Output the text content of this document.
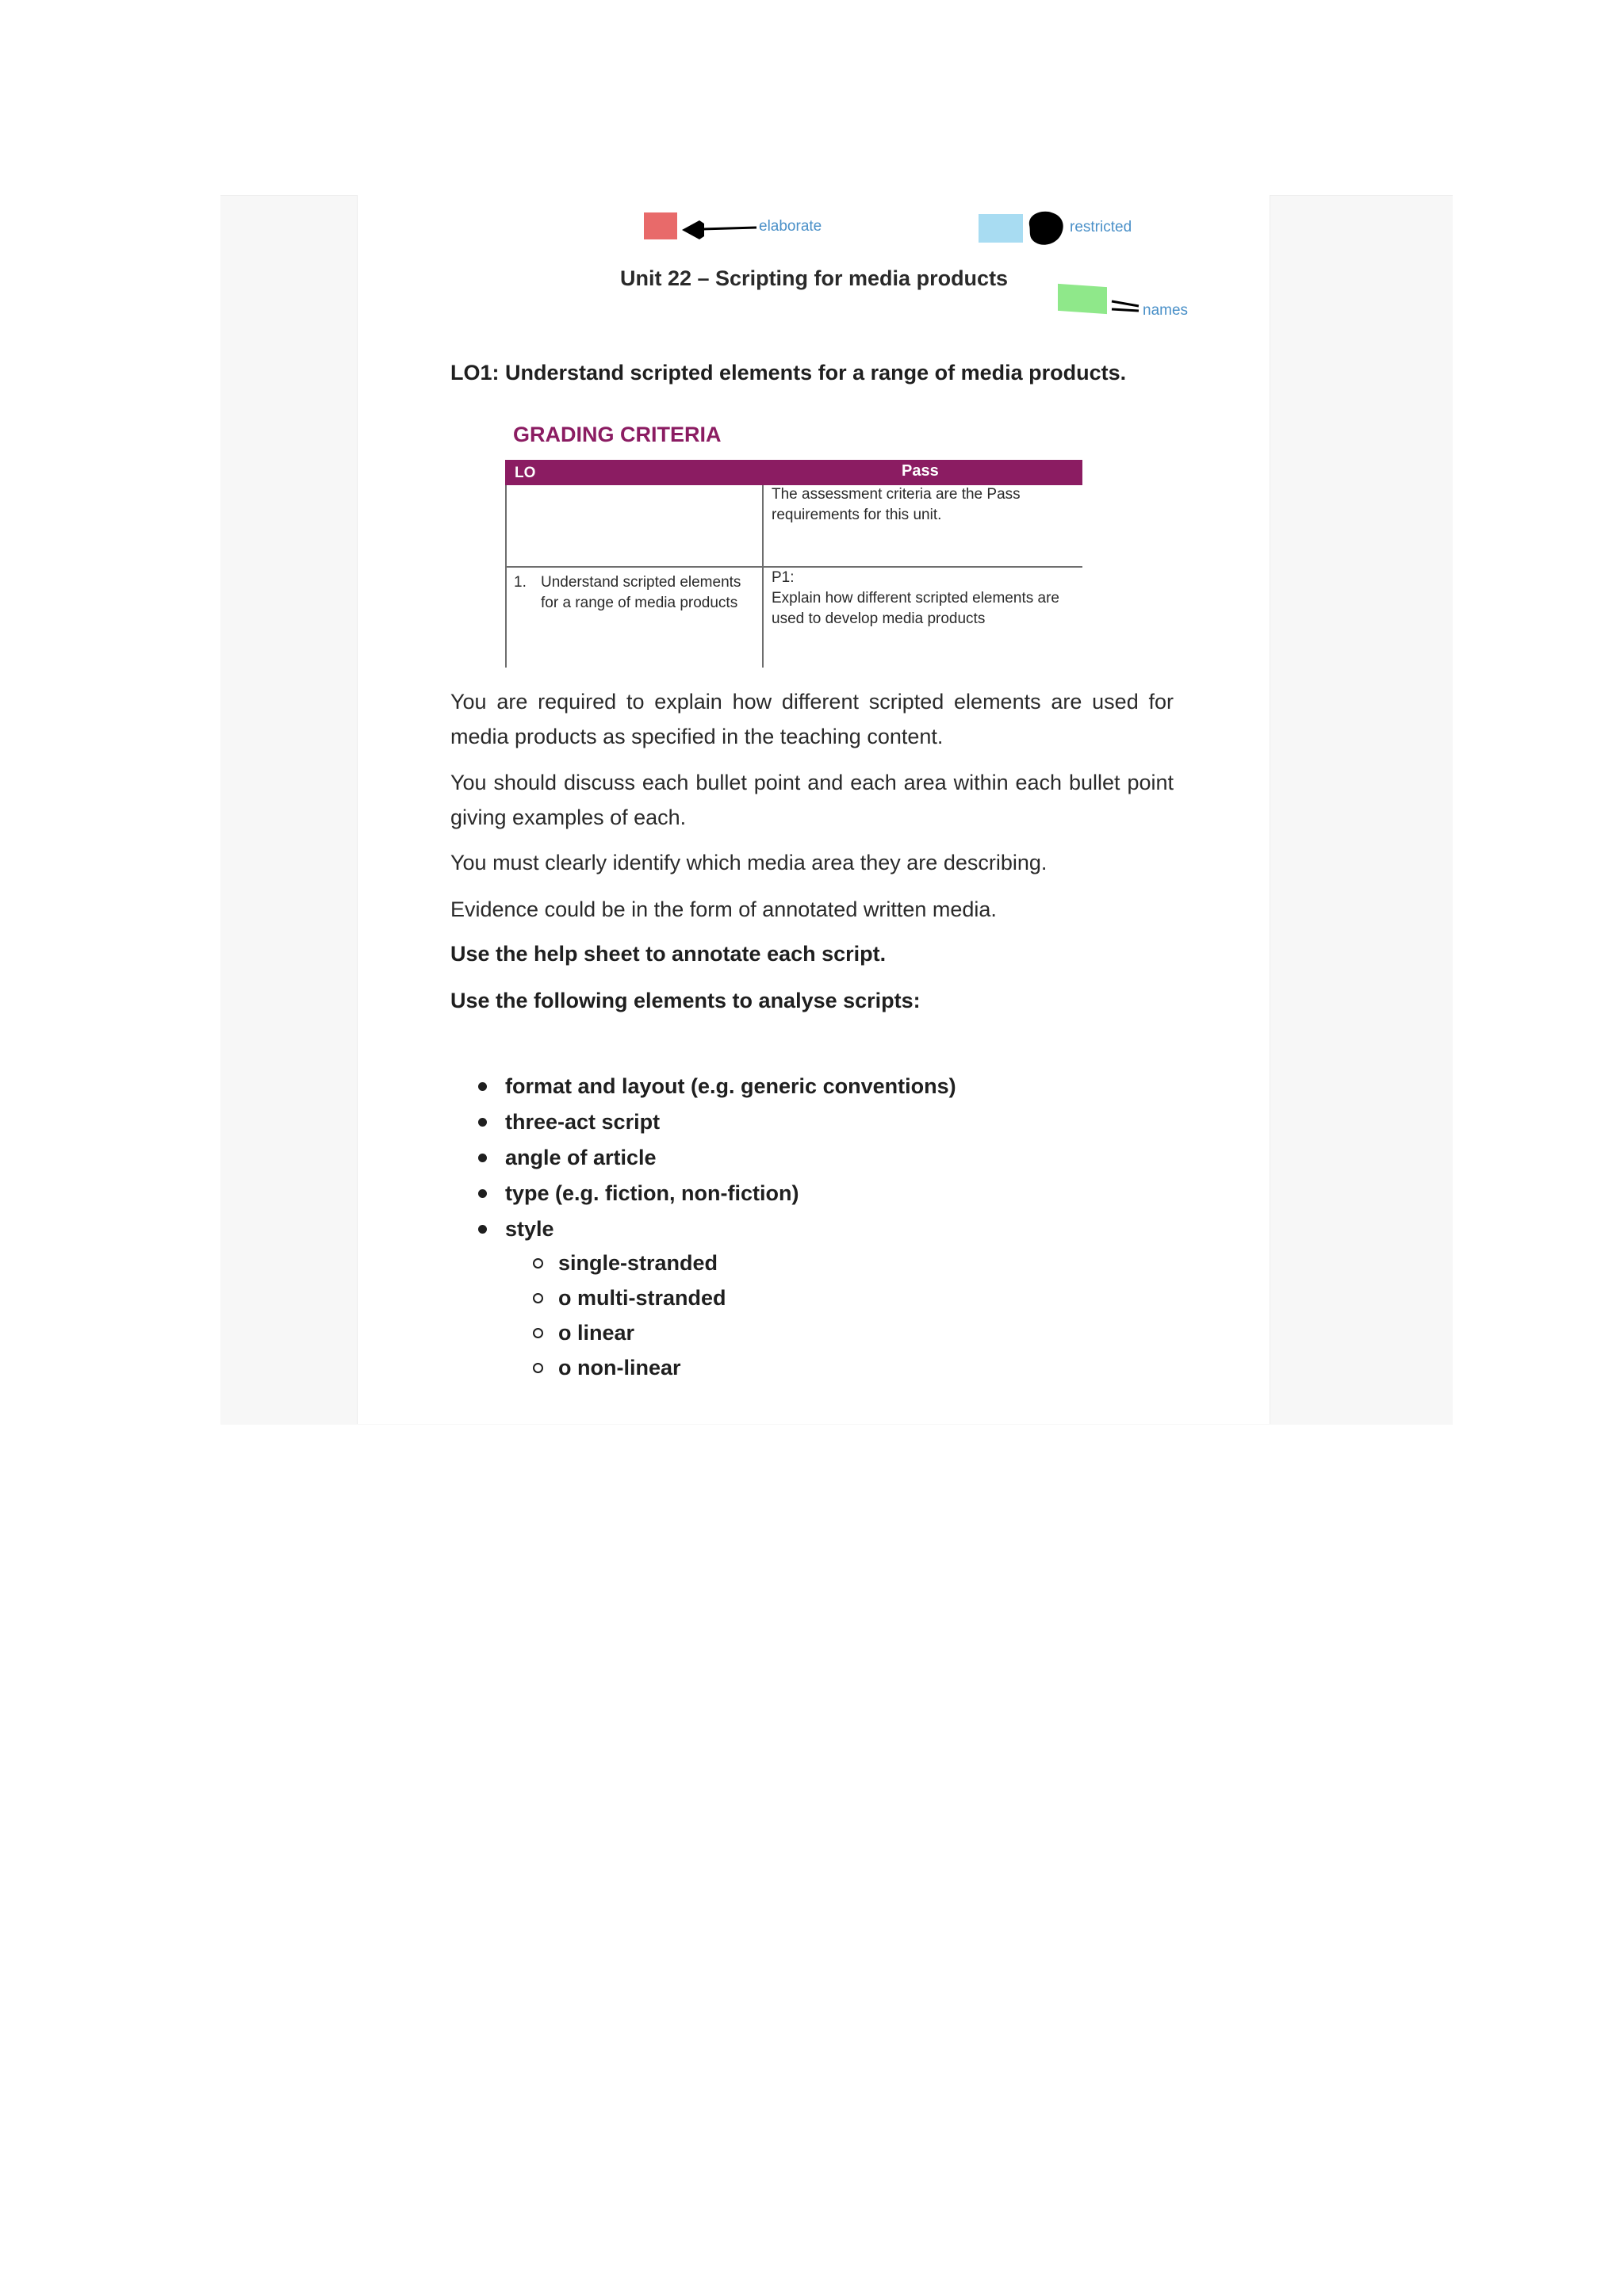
elaborate	restricted
names
Unit 22 – Scripting for media products
LO1: Understand scripted elements for a range of media products.
GRADING CRITERIA
LO	Pass
The assessment criteria are the Pass requirements for this unit.
1. Understand scripted elements for a range of media products
P1:
Explain how different scripted elements are used to develop media products
You are required to explain how different scripted elements are used for media products as specified in the teaching content.
You should discuss each bullet point and each area within each bullet point giving examples of each.
You must clearly identify which media area they are describing.
Evidence could be in the form of annotated written media.
Use the help sheet to annotate each script.
Use the following elements to analyse scripts:
format and layout (e.g. generic conventions)
three-act script
angle of article
type (e.g. fiction, non-fiction)
style
single-stranded
o multi-stranded
o linear
o non-linear
